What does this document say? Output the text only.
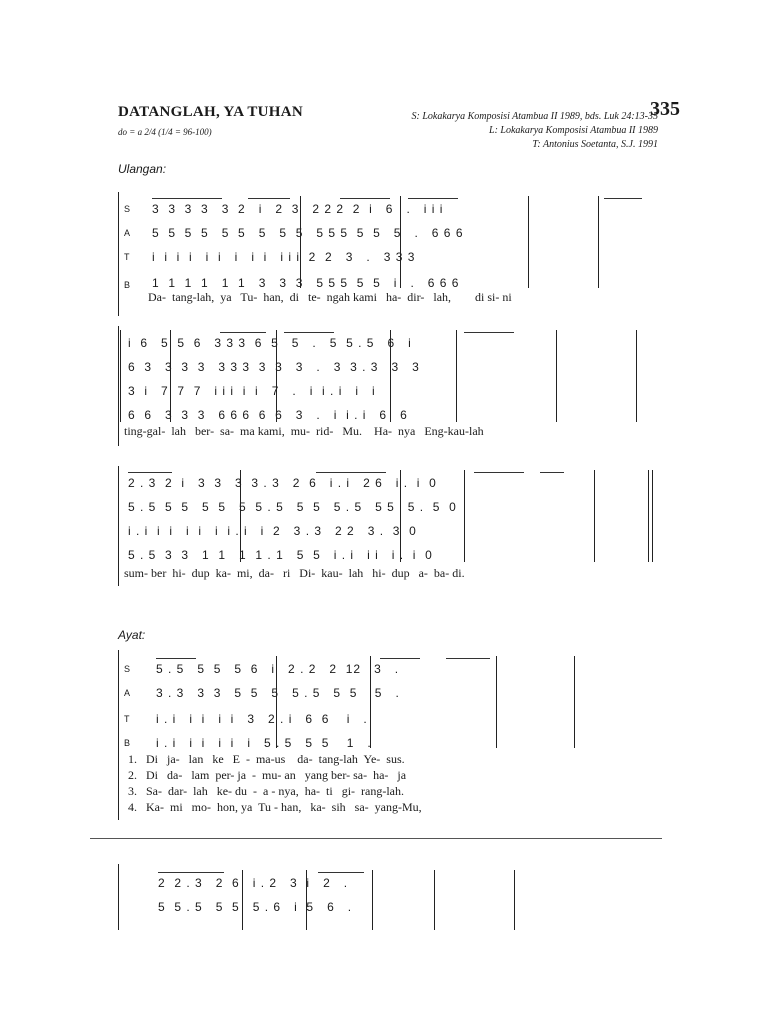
DATANGLAH, YA TUHAN
do = a 2/4 (1/4 = 96-100)
S: Lokakarya Komposisi Atambua II 1989, bds. Luk 24:13-35
L: Lokakarya Komposisi Atambua II 1989
T: Antonius Soetanta, S.J. 1991
335
Ulangan:
S
A
T
B
3  3  3  3   3  2   i   2  3   2 2 2  2  i   6   .   i i i
5  5  5  5   5  5   5   5  5   5 5 5  5  5   5   .   6 6 6
i  i  i  i   i  i   i   i  i   i i i  2  2   3   .   3 3 3
1  1  1  1   1  1   3   3  3   5 5 5  5  5   i   .   6 6 6
Da-  tang-lah,  ya   Tu-  han,  di   te-  ngah kami   ha-  dir-   lah,        di si- ni
i  6   5  5  6   3 3 3  6  5   5   .   5  5 . 5   6   i
6  3   3  3  3   3 3 3  3  3   3   .   3  3 . 3   3   3
3  i   7  7  7   i i i  i  i   7   .   i  i . i   i   i
6  6   3  3  3   6 6 6  6  6   3   .   i  i . i   6   6
ting-gal-  lah   ber-  sa-  ma kami,  mu-  rid-   Mu.    Ha-  nya   Eng-kau-lah
2 . 3  2  i   3  3   3  3 . 3   2  6   i . i   2 6   i .  i  0
5 . 5  5  5   5  5   5  5 . 5   5  5   5 . 5   5 5   5 .  5  0
i . i  i  i   i  i   i  i . i   i  2   3 . 3   2 2   3 .  3  0
5 . 5  3  3   1  1   1  1 . 1   5  5   i . i   i i   i .  i  0
sum- ber  hi-  dup  ka-  mi,  da-   ri   Di-  kau-  lah   hi-  dup   a-  ba- di.
Ayat:
S
A
T
B
5 . 5   5  5   5  6   i   2 . 2   2  12   3   .
3 . 3   3  3   5  5   5   5 . 5   5  5    5   .
i . i   i  i   i  i   3   2 . i   6  6    i   .
i . i   i  i   i  i   i   5 . 5   5  5    1   .
1.   Di   ja-   lan   ke   E  -  ma-us    da-  tang-lah  Ye-  sus.
2.   Di   da-   lam  per- ja  -  mu- an   yang ber- sa-  ha-   ja
3.   Sa-  dar-  lah   ke- du  -  a - nya,  ha-  ti   gi-  rang-lah.
4.   Ka-  mi   mo-  hon, ya  Tu - han,   ka-  sih   sa-  yang-Mu,
2  2 . 3   2  6   i . 2   3  i   2   .
5  5 . 5   5  5   5 . 6   i  5   6   .
